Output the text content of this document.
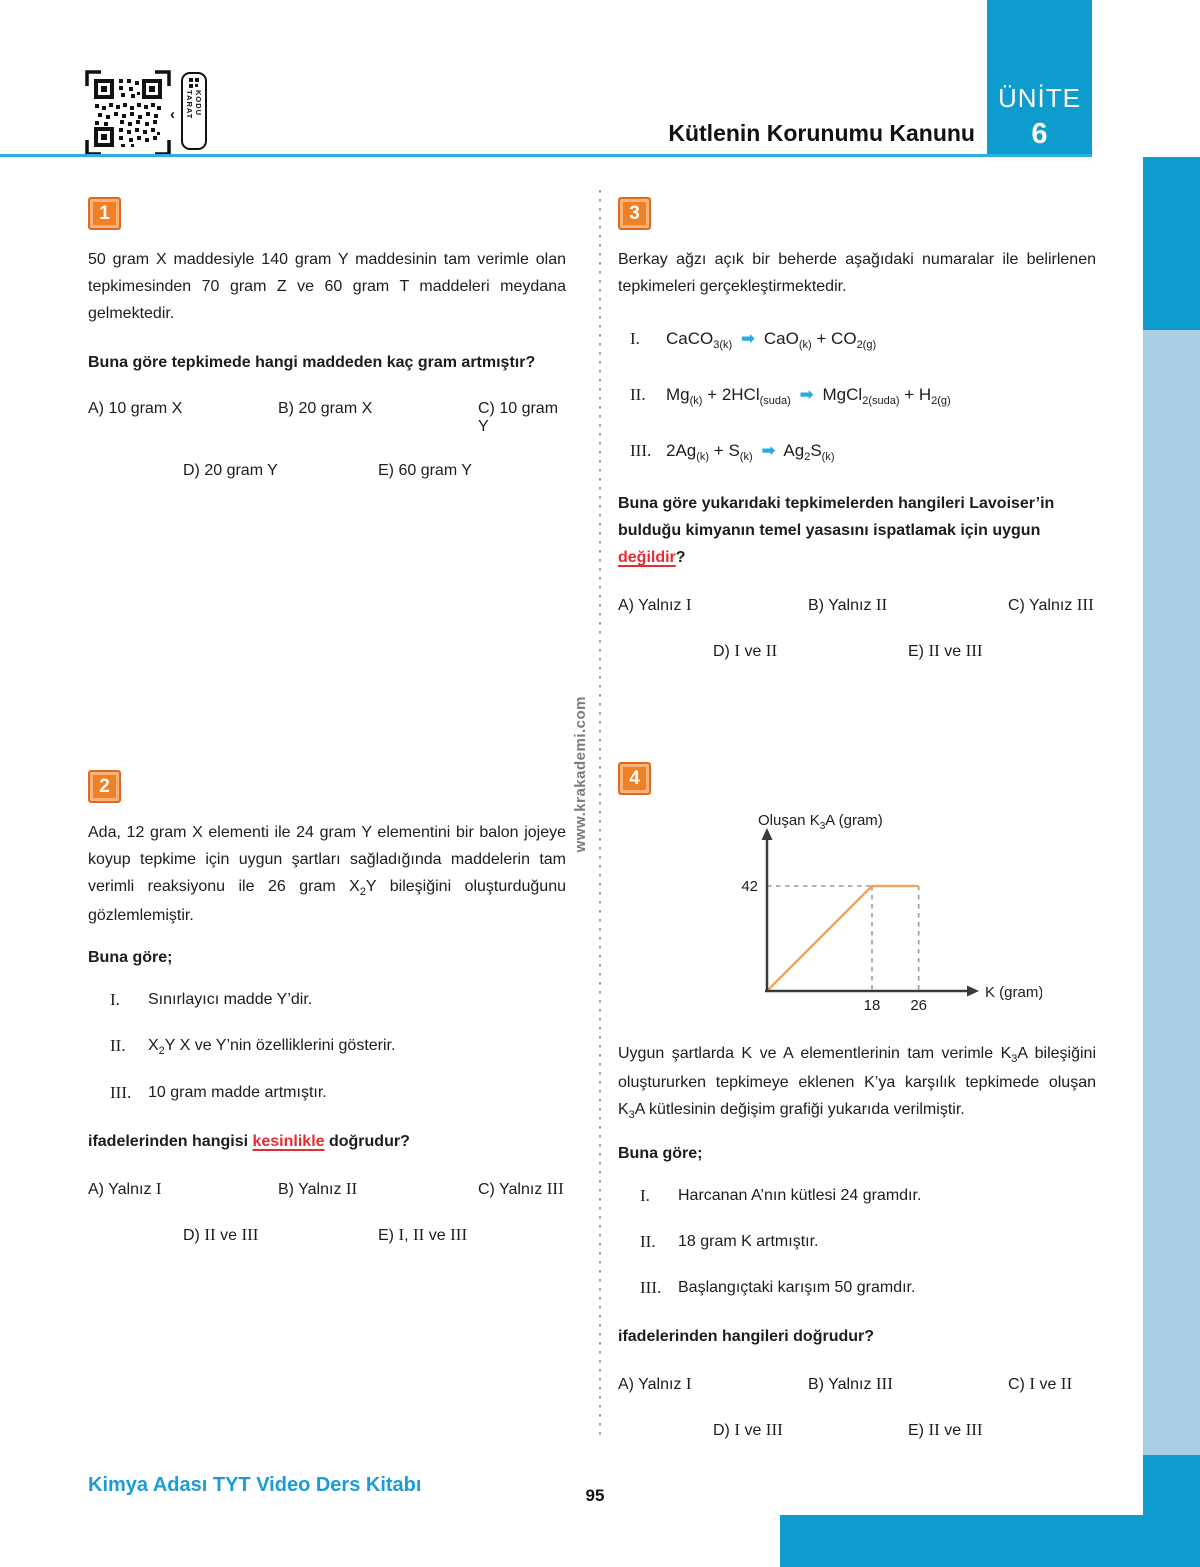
‹	KODU TARAT
Kütlenin Korunumu Kanunu
ÜNİTE
6
www.krakademi.com
1

50 gram X maddesiyle 140 gram Y maddesinin tam verimle olan tepkimesinden 70 gram Z ve 60 gram T maddeleri meydana gelmektedir.

Buna göre tepkimede hangi maddeden kaç gram artmıştır?

A) 10 gram X	B) 20 gram X	C) 10 gram Y
D) 20 gram Y	E) 60 gram Y
2

Ada, 12 gram X elementi ile 24 gram Y elementini bir balon jojeye koyup tepkime için uygun şartları sağladığında maddelerin tam verimli reaksiyonu ile 26 gram $X_2Y$ bileşiğini oluşturduğunu gözlemlemiştir.

Buna göre;

I.	Sınırlayıcı madde Y’dir.
II.	$X_2Y$ X ve Y’nin özelliklerini gösterir.
III.	10 gram madde artmıştır.

ifadelerinden hangisi kesinlikle doğrudur?

A) Yalnız I	B) Yalnız II	C) Yalnız III
D) II ve III	E) I, II ve III
3

Berkay ağzı açık bir beherde aşağıdaki numaralar ile belirlenen tepkimeleri gerçekleştirmektedir.

I. CaCO$_{3(k)}$ ➡ $CaO_{(k)} + CO_{2(g)}$
II. $Mg_{(k)} + 2HCl_{(suda)}$ ➡ MgCl$_{2(suda)}$ + $H_{2(g)}$
III. $2Ag_{(k)} + S_{(k)}$ ➡ $Ag_2S_{(k)}$

Buna göre yukarıdaki tepkimelerden hangileri Lavoiser’in bulduğu kimyanın temel yasasını ispatlamak için uygun değildir?

A) Yalnız I	B) Yalnız II	C) Yalnız III
D) I ve II	E) II ve III
4
42
18 26
Oluşan $K_3A$ (gram)
K (gram)

Uygun şartlarda K ve A elementlerinin tam verimle $K_3A$ bileşiğini oluştururken tepkimeye eklenen K’ya karşılık tepkimede oluşan $K_3A$ kütlesinin değişim grafiği yukarıda verilmiştir.

Buna göre;

I.	Harcanan A’nın kütlesi 24 gramdır.
II.	18 gram K artmıştır.
III.	Başlangıçtaki karışım 50 gramdır.

ifadelerinden hangileri doğrudur?

A) Yalnız I	B) Yalnız III	C) I ve II
D) I ve III	E) II ve III
Kimya Adası TYT Video Ders Kitabı	95
